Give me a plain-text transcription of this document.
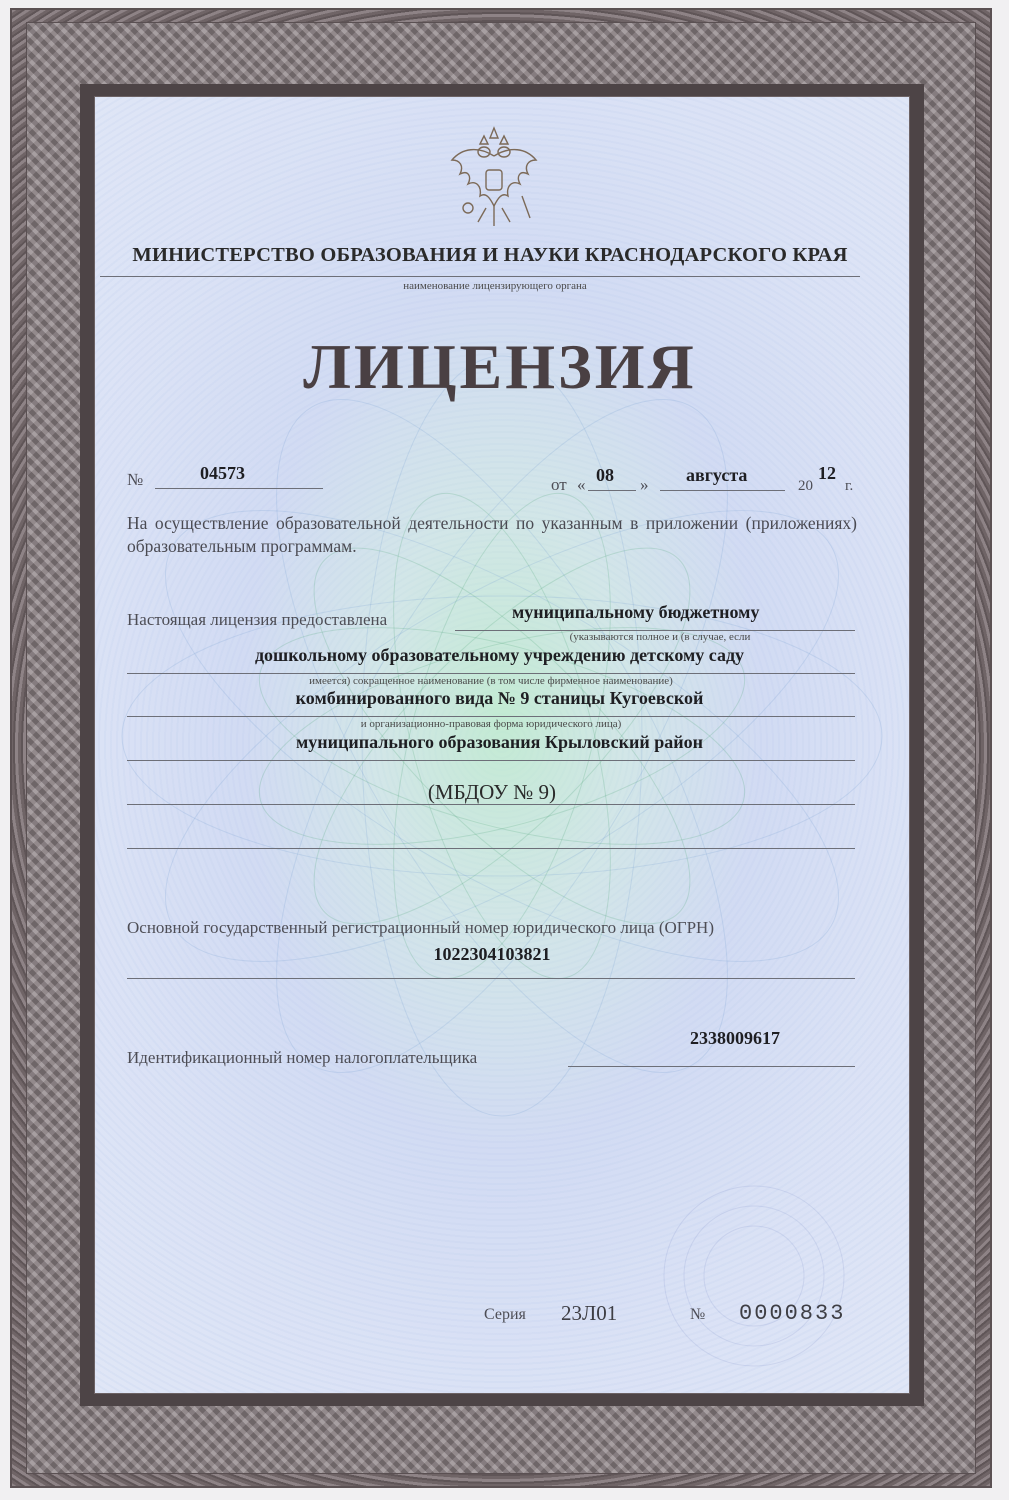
МИНИСТЕРСТВО ОБРАЗОВАНИЯ И НАУКИ КРАСНОДАРСКОГО КРАЯ
наименование лицензирующего органа
ЛИЦЕНЗИЯ
№	04573
от « 08 » августа
20
12
г.
На осуществление образовательной деятельности по указанным в приложении (приложениях) образовательным программам.
Настоящая лицензия предоставлена	муниципальному бюджетному
(указываются полное и (в случае, если
дошкольному образовательному учреждению детскому саду
имеется) сокращенное наименование (в том числе фирменное наименование)
комбинированного вида № 9 станицы Кугоевской
и организационно-правовая форма юридического лица)
муниципального образования Крыловский район
(МБДОУ № 9)
Основной государственный регистрационный номер юридического лица (ОГРН)
1022304103821
2338009617
Идентификационный номер налогоплательщика
Серия 23Л01	№ 0000833
